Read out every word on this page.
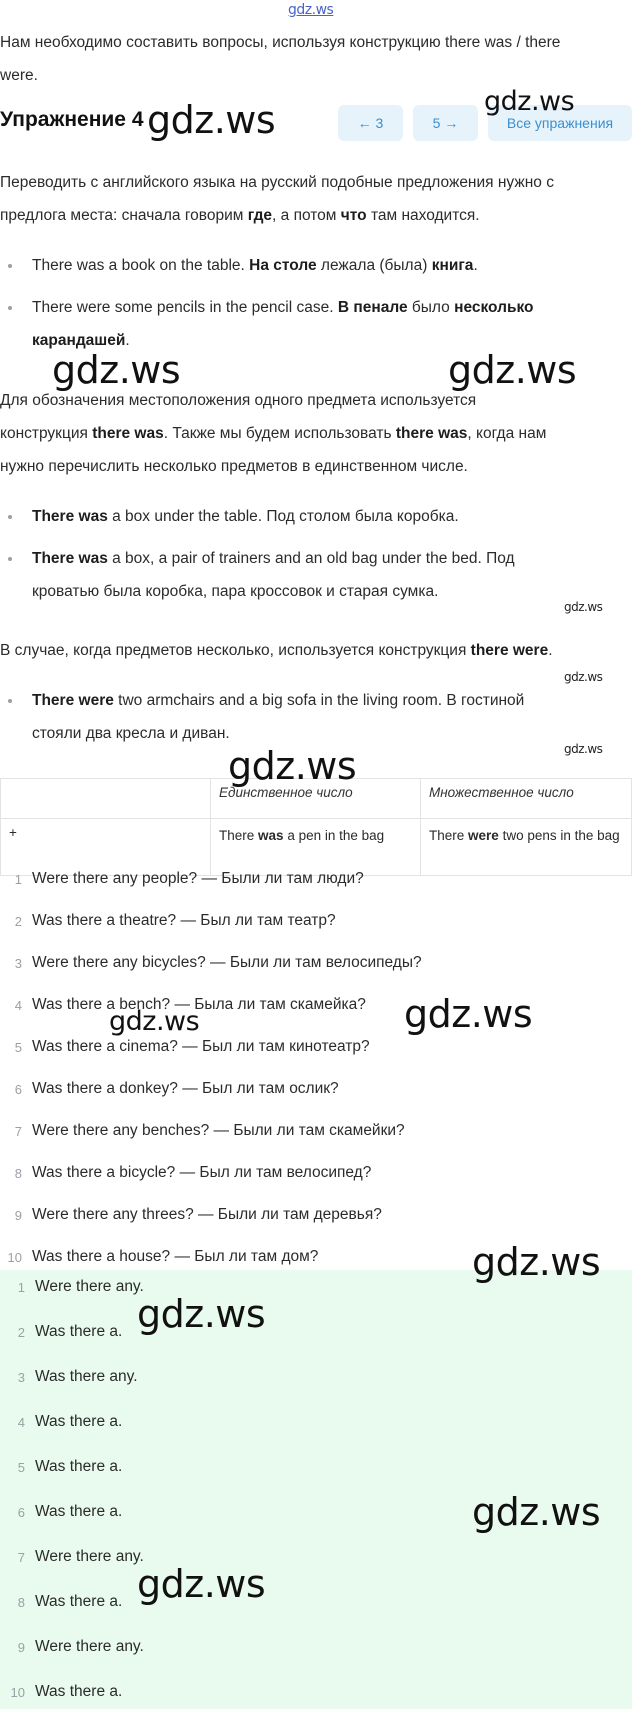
gdz.ws
Нам необходимо составить вопросы, используя конструкцию there was / there
were.
Упражнение 4	← 3	5 →	Все упражнения
Переводить с английского языка на русский подобные предложения нужно с
предлога места: сначала говорим где, а потом что там находится.
There was a book on the table. На столе лежала (была) книга.
There were some pencils in the pencil case. В пенале было несколько
карандашей.
Для обозначения местоположения одного предмета используется
конструкция there was. Также мы будем использовать there was, когда нам
нужно перечислить несколько предметов в единственном числе.
There was a box under the table. Под столом была коробка.
There was a box, a pair of trainers and an old bag under the bed. Под
кроватью была коробка, пара кроссовок и старая сумка.
В случае, когда предметов несколько, используется конструкция there were.
There were two armchairs and a big sofa in the living room. В гостиной
стояли два кресла и диван.
	Единственное число	Множественное число
+	There was a pen in the bag	There were two pens in the bag
1 Were there any people? — Были ли там люди?
2 Was there a theatre? — Был ли там театр?
3 Were there any bicycles? — Были ли там велосипеды?
4 Was there a bench? — Была ли там скамейка?
5 Was there a cinema? — Был ли там кинотеатр?
6 Was there a donkey? — Был ли там ослик?
7 Were there any benches? — Были ли там скамейки?
8 Was there a bicycle? — Был ли там велосипед?
9 Were there any threes? — Были ли там деревья?
10 Was there a house? — Был ли там дом?
1 Were there any.
2 Was there a.
3 Was there any.
4 Was there a.
5 Was there a.
6 Was there a.
7 Were there any.
8 Was there a.
9 Were there any.
10 Was there a.
gdz.ws
gdz.ws
gdz.ws	gdz.ws
gdz.ws
gdz.ws
gdz.ws
gdz.ws
gdz.ws	gdz.ws
gdz.ws
gdz.ws
gdz.ws
gdz.ws
